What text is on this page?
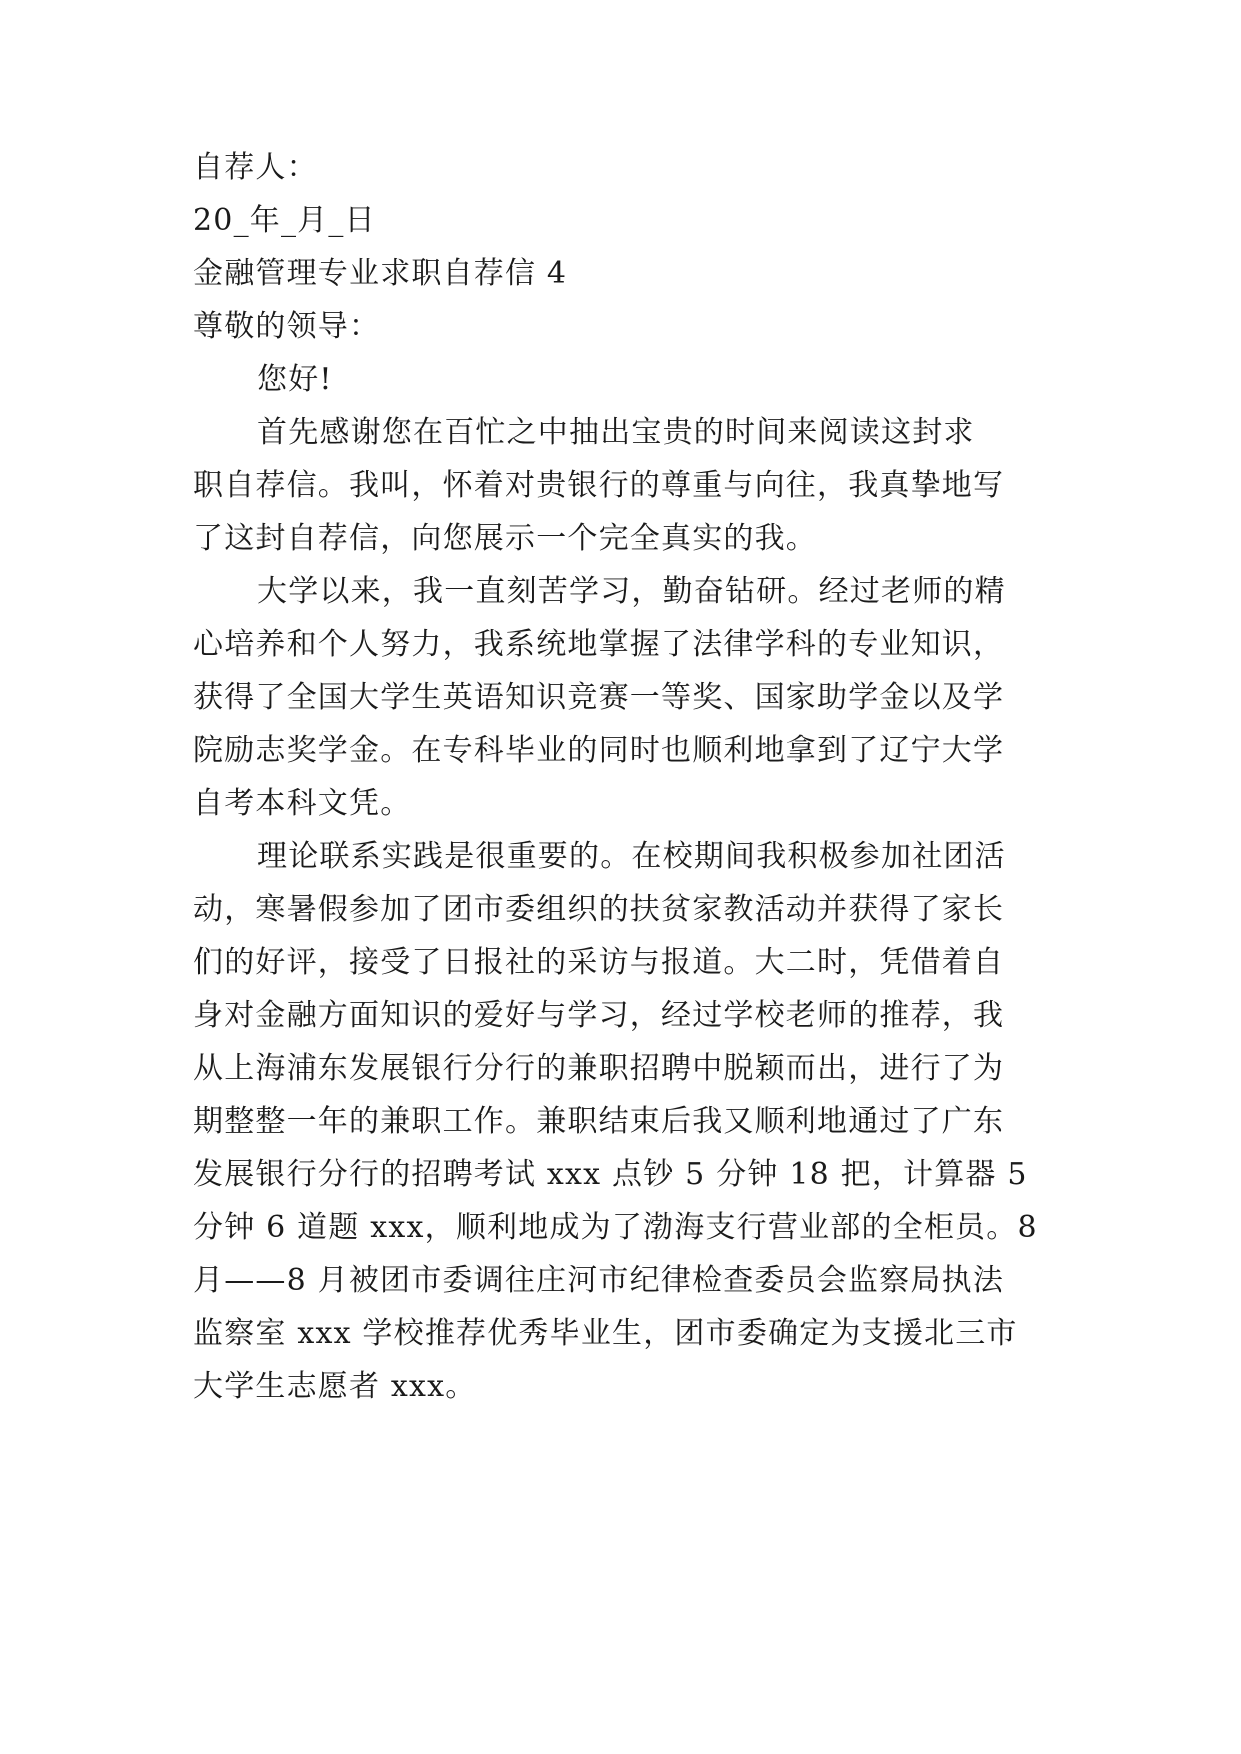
自荐人：
20_年_月_日
金融管理专业求职自荐信 4
尊敬的领导：
您好!
首先感谢您在百忙之中抽出宝贵的时间来阅读这封求
职自荐信。我叫，怀着对贵银行的尊重与向往，我真挚地写
了这封自荐信，向您展示一个完全真实的我。
大学以来，我一直刻苦学习，勤奋钻研。经过老师的精
心培养和个人努力，我系统地掌握了法律学科的专业知识，
获得了全国大学生英语知识竞赛一等奖、国家助学金以及学
院励志奖学金。在专科毕业的同时也顺利地拿到了辽宁大学
自考本科文凭。
理论联系实践是很重要的。在校期间我积极参加社团活
动，寒暑假参加了团市委组织的扶贫家教活动并获得了家长
们的好评，接受了日报社的采访与报道。大二时，凭借着自
身对金融方面知识的爱好与学习，经过学校老师的推荐，我
从上海浦东发展银行分行的兼职招聘中脱颖而出，进行了为
期整整一年的兼职工作。兼职结束后我又顺利地通过了广东
发展银行分行的招聘考试 xxx 点钞 5 分钟 18 把，计算器 5
分钟 6 道题 xxx，顺利地成为了渤海支行营业部的全柜员。8
月——8 月被团市委调往庄河市纪律检查委员会监察局执法
监察室 xxx 学校推荐优秀毕业生，团市委确定为支援北三市
大学生志愿者 xxx。
